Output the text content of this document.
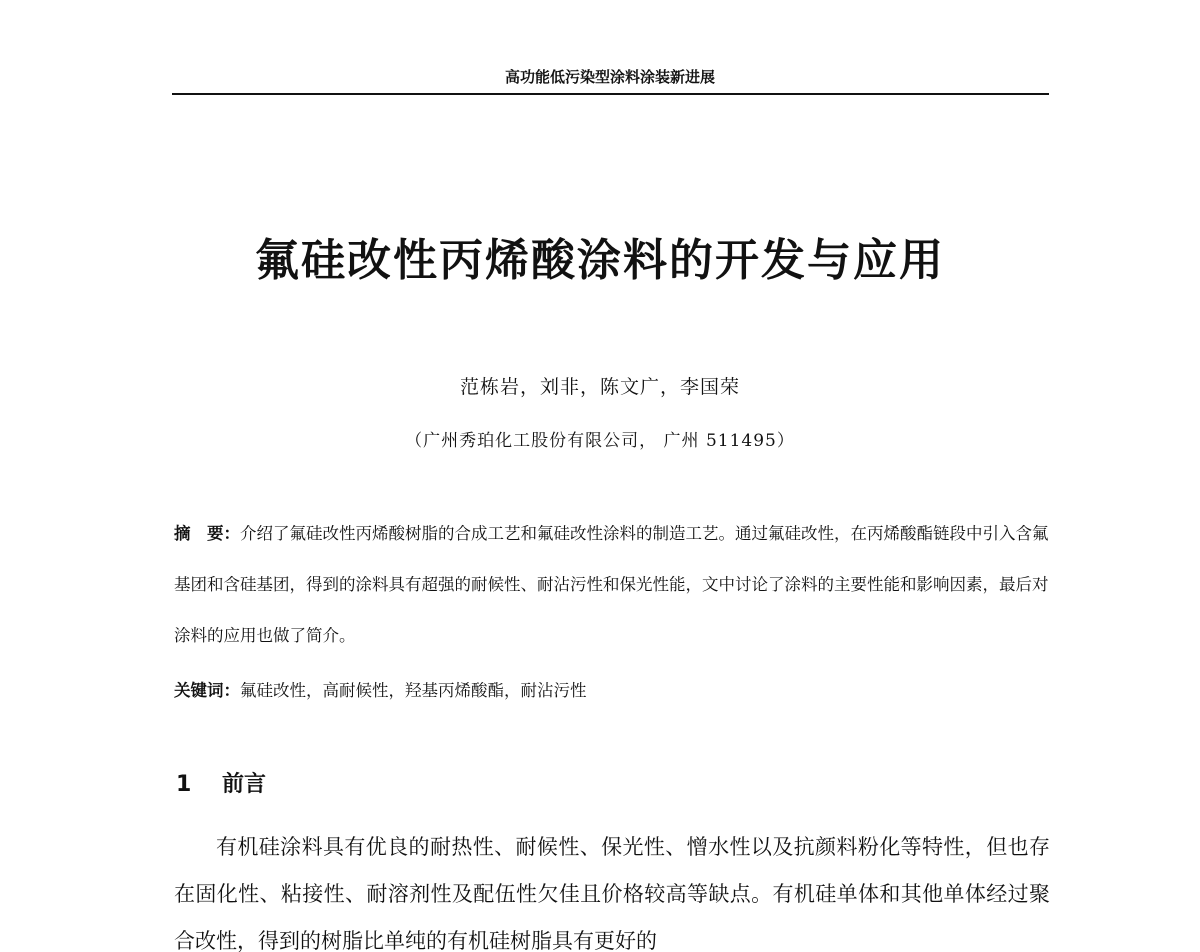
高功能低污染型涂料涂装新进展
氟硅改性丙烯酸涂料的开发与应用
范栋岩，刘非，陈文广，李国荣
（广州秀珀化工股份有限公司， 广州 511495）
摘　要：介绍了氟硅改性丙烯酸树脂的合成工艺和氟硅改性涂料的制造工艺。通过氟硅改性，在丙烯酸酯链段中引入含氟基团和含硅基团，得到的涂料具有超强的耐候性、耐沾污性和保光性能，文中讨论了涂料的主要性能和影响因素，最后对涂料的应用也做了简介。
关键词：氟硅改性，高耐候性，羟基丙烯酸酯，耐沾污性
1 前言
有机硅涂料具有优良的耐热性、耐候性、保光性、憎水性以及抗颜料粉化等特性，但也存在固化性、粘接性、耐溶剂性及配伍性欠佳且价格较高等缺点。有机硅单体和其他单体经过聚合改性，得到的树脂比单纯的有机硅树脂具有更好的
